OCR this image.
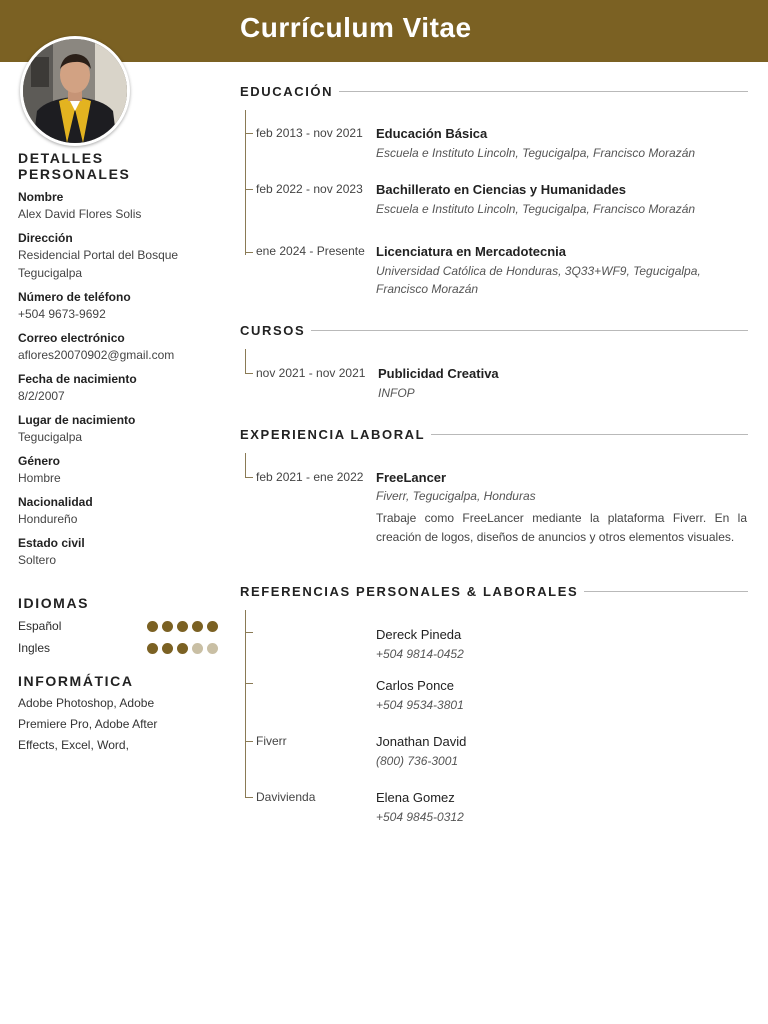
Currículum Vitae
DETALLES PERSONALES
Nombre
Alex David Flores Solis
Dirección
Residencial Portal del Bosque
Tegucigalpa
Número de teléfono
+504 9673-9692
Correo electrónico
aflores20070902@gmail.com
Fecha de nacimiento
8/2/2007
Lugar de nacimiento
Tegucigalpa
Género
Hombre
Nacionalidad
Hondureño
Estado civil
Soltero
IDIOMAS
Español
Ingles
INFORMÁTICA
Adobe Photoshop, Adobe Premiere Pro, Adobe After Effects, Excel, Word,
EDUCACIÓN
feb 2013 - nov 2021 Educación Básica
Escuela e Instituto Lincoln, Tegucigalpa, Francisco Morazán
feb 2022 - nov 2023 Bachillerato en Ciencias y Humanidades
Escuela e Instituto Lincoln, Tegucigalpa, Francisco Morazán
ene 2024 - Presente Licenciatura en Mercadotecnia
Universidad Católica de Honduras, 3Q33+WF9, Tegucigalpa,
Francisco Morazán
CURSOS
nov 2021 - nov 2021 Publicidad Creativa
INFOP
EXPERIENCIA LABORAL
feb 2021 - ene 2022 FreeLancer
Fiverr, Tegucigalpa, Honduras
Trabaje como FreeLancer mediante la plataforma Fiverr. En la creación de logos, diseños de anuncios y otros elementos visuales.
REFERENCIAS PERSONALES & LABORALES
Dereck Pineda
+504 9814-0452
Carlos Ponce
+504 9534-3801
Fiverr	Jonathan David
(800) 736-3001
Davivienda	Elena Gomez
+504 9845-0312
